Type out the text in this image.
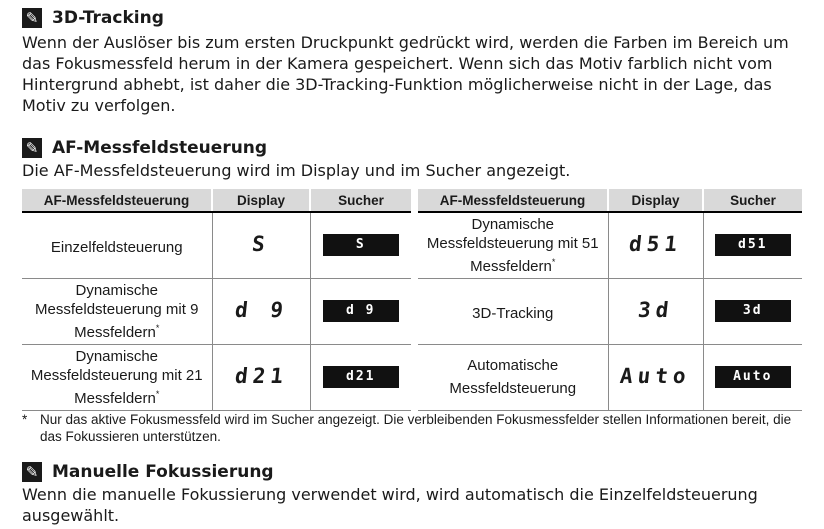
✎ 3D-Tracking

Wenn der Auslöser bis zum ersten Druckpunkt gedrückt wird, werden die Farben im Bereich um das Fokusmessfeld herum in der Kamera gespeichert. Wenn sich das Motiv farblich nicht vom Hintergrund abhebt, ist daher die 3D-Tracking-Funktion möglicherweise nicht in der Lage, das Motiv zu verfolgen.

✎ AF-Messfeldsteuerung

Die AF-Messfeldsteuerung wird im Display und im Sucher angezeigt.

AF-Messfeldsteuerung	Display	Sucher
Einzelfeldsteuerung	S	S
Dynamische Messfeldsteuerung mit 9 Messfeldern*	d 9	d 9
Dynamische Messfeldsteuerung mit 21 Messfeldern*	d21	d21
AF-Messfeldsteuerung	Display	Sucher
Dynamische Messfeldsteuerung mit 51 Messfeldern*	d51	d51
3D-Tracking	3d	3d
Automatische Messfeldsteuerung	Auto	Auto
* Nur das aktive Fokusmessfeld wird im Sucher angezeigt. Die verbleibenden Fokusmessfelder stellen Informationen bereit, die das Fokussieren unterstützen.
✎ Manuelle Fokussierung

Wenn die manuelle Fokussierung verwendet wird, wird automatisch die Einzelfeldsteuerung ausgewählt.
